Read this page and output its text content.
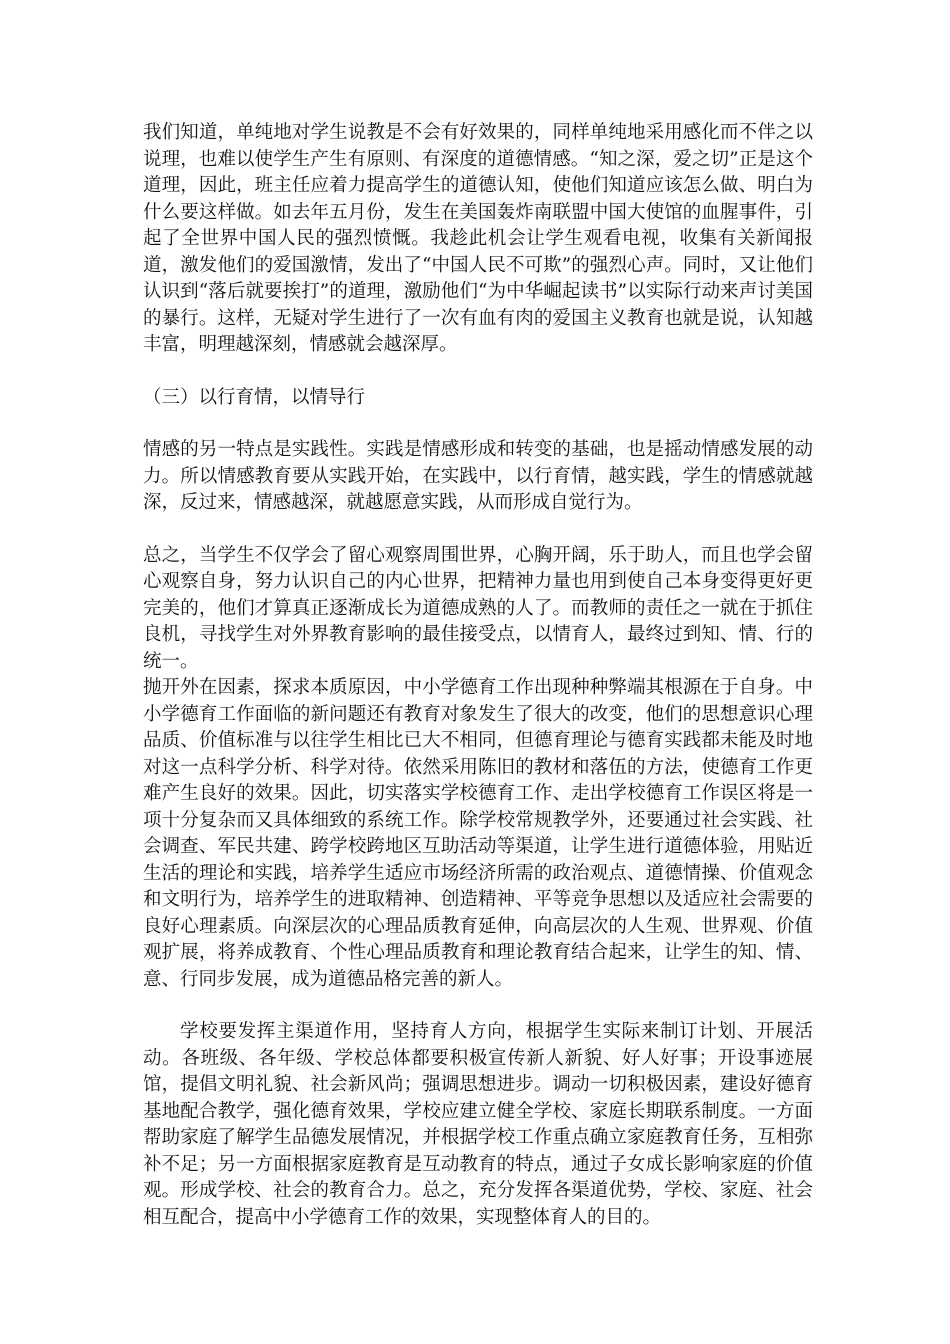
我们知道，单纯地对学生说教是不会有好效果的，同样单纯地采用感化而不伴之以说理，也难以使学生产生有原则、有深度的道德情感。“知之深，爱之切”正是这个道理，因此，班主任应着力提高学生的道德认知，使他们知道应该怎么做、明白为什么要这样做。如去年五月份，发生在美国轰炸南联盟中国大使馆的血腥事件，引起了全世界中国人民的强烈愤慨。我趁此机会让学生观看电视，收集有关新闻报道，激发他们的爱国激情，发出了“中国人民不可欺”的强烈心声。同时，又让他们认识到“落后就要挨打”的道理，激励他们“为中华崛起读书”以实际行动来声讨美国的暴行。这样，无疑对学生进行了一次有血有肉的爱国主义教育也就是说，认知越丰富，明理越深刻，情感就会越深厚。

（三）以行育情，以情导行

情感的另一特点是实践性。实践是情感形成和转变的基础，也是摇动情感发展的动力。所以情感教育要从实践开始，在实践中，以行育情，越实践，学生的情感就越深，反过来，情感越深，就越愿意实践，从而形成自觉行为。

总之，当学生不仅学会了留心观察周围世界，心胸开阔，乐于助人，而且也学会留心观察自身，努力认识自己的内心世界，把精神力量也用到使自己本身变得更好更完美的，他们才算真正逐渐成长为道德成熟的人了。而教师的责任之一就在于抓住良机，寻找学生对外界教育影响的最佳接受点，以情育人，最终过到知、情、行的统一。

抛开外在因素，探求本质原因，中小学德育工作出现种种弊端其根源在于自身。中小学德育工作面临的新问题还有教育对象发生了很大的改变，他们的思想意识心理品质、价值标准与以往学生相比已大不相同，但德育理论与德育实践都未能及时地对这一点科学分析、科学对待。依然采用陈旧的教材和落伍的方法，使德育工作更难产生良好的效果。因此，切实落实学校德育工作、走出学校德育工作误区将是一项十分复杂而又具体细致的系统工作。除学校常规教学外，还要通过社会实践、社会调查、军民共建、跨学校跨地区互助活动等渠道，让学生进行道德体验，用贴近生活的理论和实践，培养学生适应市场经济所需的政治观点、道德情操、价值观念和文明行为，培养学生的进取精神、创造精神、平等竞争思想以及适应社会需要的良好心理素质。向深层次的心理品质教育延伸，向高层次的人生观、世界观、价值观扩展，将养成教育、个性心理品质教育和理论教育结合起来，让学生的知、情、意、行同步发展，成为道德品格完善的新人。

学校要发挥主渠道作用，坚持育人方向，根据学生实际来制订计划、开展活动。各班级、各年级、学校总体都要积极宣传新人新貌、好人好事；开设事迹展馆，提倡文明礼貌、社会新风尚；强调思想进步。调动一切积极因素，建设好德育基地配合教学，强化德育效果，学校应建立健全学校、家庭长期联系制度。一方面帮助家庭了解学生品德发展情况，并根据学校工作重点确立家庭教育任务，互相弥补不足；另一方面根据家庭教育是互动教育的特点，通过子女成长影响家庭的价值观。形成学校、社会的教育合力。总之，充分发挥各渠道优势，学校、家庭、社会相互配合，提高中小学德育工作的效果，实现整体育人的目的。
